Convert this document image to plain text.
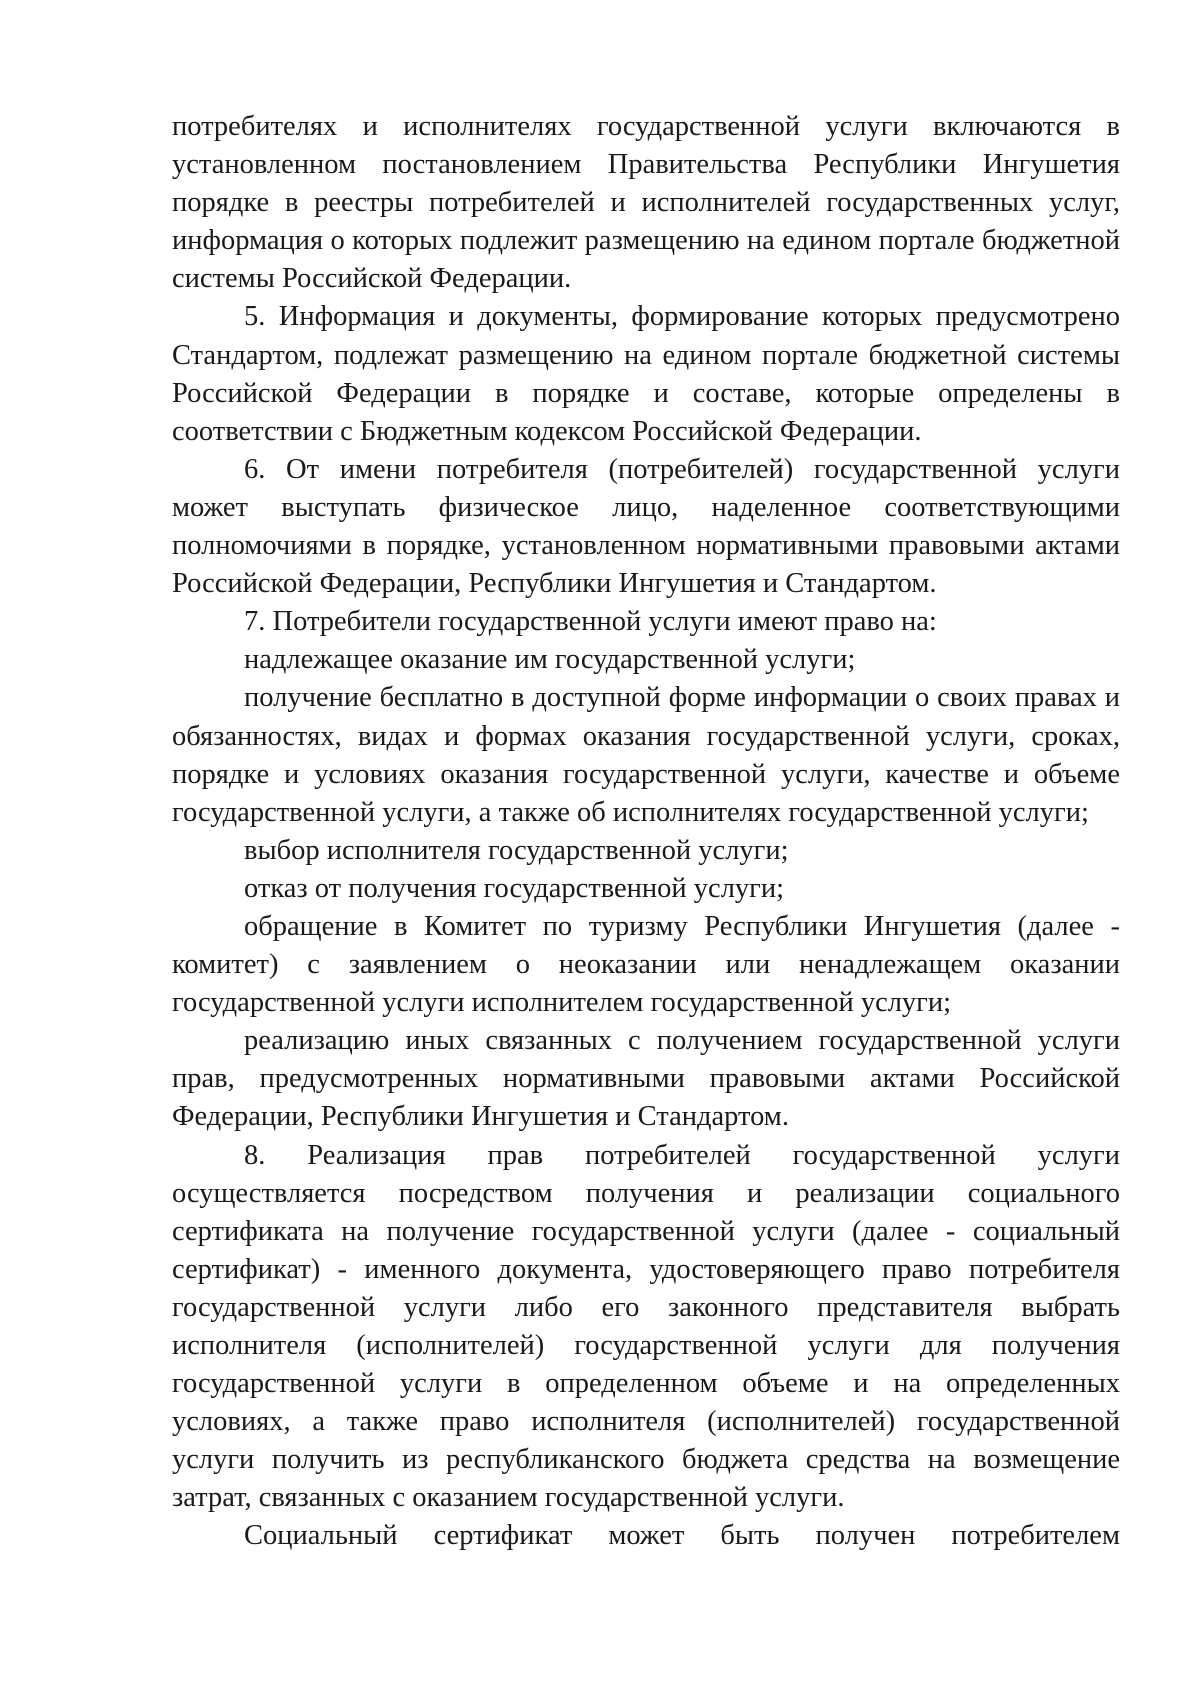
потребителях и исполнителях государственной услуги включаются в установленном постановлением Правительства Республики Ингушетия порядке в реестры потребителей и исполнителей государственных услуг, информация о которых подлежит размещению на едином портале бюджетной системы Российской Федерации.

5. Информация и документы, формирование которых предусмотрено Стандартом, подлежат размещению на едином портале бюджетной системы Российской Федерации в порядке и составе, которые определены в соответствии с Бюджетным кодексом Российской Федерации.

6. От имени потребителя (потребителей) государственной услуги может выступать физическое лицо, наделенное соответствующими полномочиями в порядке, установленном нормативными правовыми актами Российской Федерации, Республики Ингушетия и Стандартом.

7. Потребители государственной услуги имеют право на:

надлежащее оказание им государственной услуги;

получение бесплатно в доступной форме информации о своих правах и обязанностях, видах и формах оказания государственной услуги, сроках, порядке и условиях оказания государственной услуги, качестве и объеме государственной услуги, а также об исполнителях государственной услуги;

выбор исполнителя государственной услуги;

отказ от получения государственной услуги;

обращение в Комитет по туризму Республики Ингушетия (далее - комитет) с заявлением о неоказании или ненадлежащем оказании государственной услуги исполнителем государственной услуги;

реализацию иных связанных с получением государственной услуги прав, предусмотренных нормативными правовыми актами Российской Федерации, Республики Ингушетия и Стандартом.

8. Реализация прав потребителей государственной услуги осуществляется посредством получения и реализации социального сертификата на получение государственной услуги (далее - социальный сертификат) - именного документа, удостоверяющего право потребителя государственной услуги либо его законного представителя выбрать исполнителя (исполнителей) государственной услуги для получения государственной услуги в определенном объеме и на определенных условиях, а также право исполнителя (исполнителей) государственной услуги получить из республиканского бюджета средства на возмещение затрат, связанных с оказанием государственной услуги.

Социальный сертификат может быть получен потребителем
